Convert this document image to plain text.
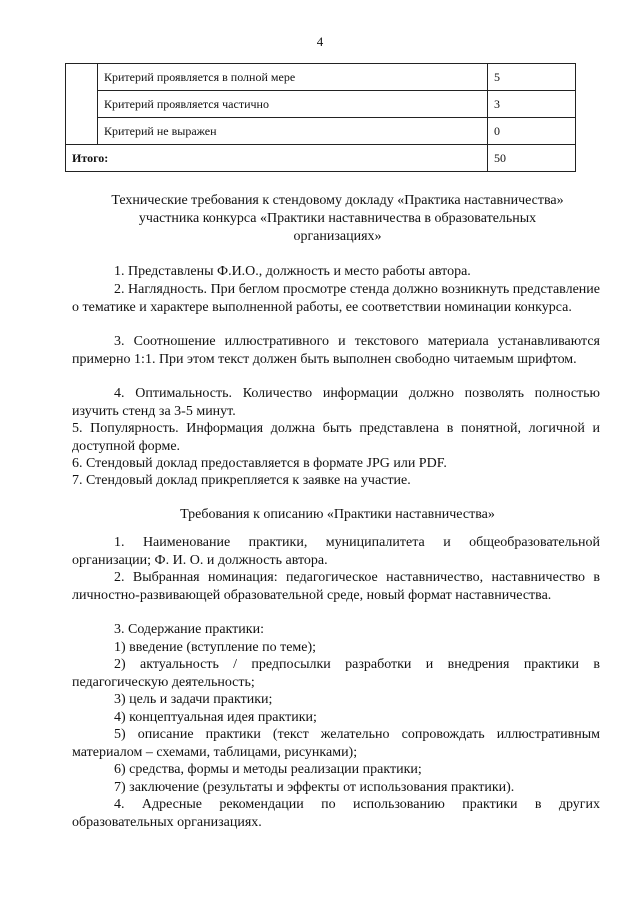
4
	Критерий проявляется в полной мере	5
	Критерий проявляется частично	3
	Критерий не выражен	0
Итого:		50
Технические требования к стендовому докладу «Практика наставничества»
участника конкурса «Практики наставничества в образовательных
организациях»
1. Представлены Ф.И.О., должность и место работы автора.
2. Наглядность. При беглом просмотре стенда должно возникнуть представление о тематике и характере выполненной работы, ее соответствии номинации конкурса.
3. Соотношение иллюстративного и текстового материала устанавливаются примерно 1:1. При этом текст должен быть выполнен свободно читаемым шрифтом.
4. Оптимальность. Количество информации должно позволять полностью изучить стенд за 3-5 минут.
5. Популярность. Информация должна быть представлена в понятной, логичной и доступной форме.
6. Стендовый доклад предоставляется в формате JPG или PDF.
7. Стендовый доклад прикрепляется к заявке на участие.
Требования к описанию «Практики наставничества»
1. Наименование практики, муниципалитета и общеобразовательной организации; Ф. И. О. и должность автора.
2. Выбранная номинация: педагогическое наставничество, наставничество в личностно-развивающей образовательной среде, новый формат наставничества.
3. Содержание практики:
1) введение (вступление по теме);
2) актуальность / предпосылки разработки и внедрения практики в педагогическую деятельность;
3) цель и задачи практики;
4) концептуальная идея практики;
5) описание практики (текст желательно сопровождать иллюстративным материалом – схемами, таблицами, рисунками);
6) средства, формы и методы реализации практики;
7) заключение (результаты и эффекты от использования практики).
4. Адресные рекомендации по использованию практики в других образовательных организациях.
